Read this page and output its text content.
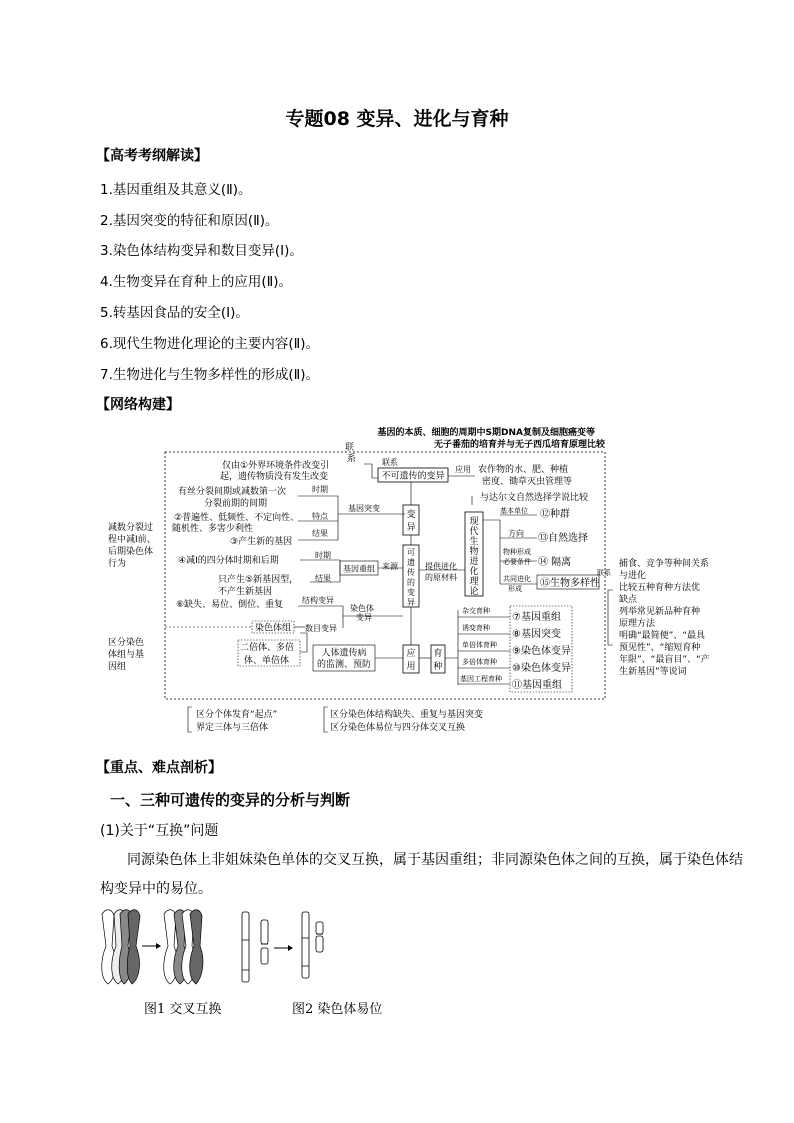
专题08 变异、进化与育种
【高考考纲解读】
1.基因重组及其意义(Ⅱ)。
2.基因突变的特征和原因(Ⅱ)。
3.染色体结构变异和数目变异(Ⅰ)。
4.生物变异在育种上的应用(Ⅱ)。
5.转基因食品的安全(Ⅰ)。
6.现代生物进化理论的主要内容(Ⅱ)。
7.生物进化与生物多样性的形成(Ⅱ)。
【网络构建】
基因的本质、细胞的周期中S期DNA复制及细胞癌变等
无子番茄的培育并与无子西瓜培育原理比较
联
系	联系
应用
不可遗传的变异
仅由①外界环境条件改变引
起，遗传物质没有发生改变
农作物的水、肥、种植
密度、锄草灭虫管理等
与达尔文自然选择学说比较
有丝分裂间期或减数第一次
分裂前期的间期
时期
②普遍性、低频性、不定向性、
随机性、多害少利性
特点
结果
③产生新的基因
基因突变
变
异
可
遗
传
的
变
异
来源	提供进化
的原材料
现
代
生
物
进
化
理
论
基本单位 ⑫种群
方向 ⑬自然选择
物种形成
必要条件 ⑭ 隔离
共同进化
形成 ⑮生物多样性
联系
捕食、竞争等种间关系
与进化
比较五种育种方法优
缺点
列举常见新品种育种
原理方法
明确“最简便”、“最具
预见性”、“缩短育种
年限”、“最盲目”、“产
生新基因”等说词
减数分裂过
程中减Ⅰ前、
后期染色体
行为	④减Ⅰ的四分体时期和后期
时期
只产生⑤新基因型，
不产生新基因
结果
基因重组
⑥缺失、易位、倒位、重复 结构变异
染色体
变异
染色体组 数目变异
区分染色
体组与基
因组
二倍体、多倍
体、单倍体
人体遗传病
的监测、预防
应
用
育
种
杂交育种
⑦基因重组
诱变育种
⑧基因突变
单倍体育种
⑨染色体变异
多倍体育种
⑩染色体变异
基因工程育种
⑪基因重组
区分个体发育“起点”
界定三体与三倍体
区分染色体结构缺失、重复与基因突变
区分染色体易位与四分体交叉互换
【重点、难点剖析】
一、三种可遗传的变异的分析与判断
(1)关于“互换”问题
同源染色体上非姐妹染色单体的交叉互换，属于基因重组；非同源染色体之间的互换，属于染色体结
构变异中的易位。
图1 交叉互换	图2 染色体易位
